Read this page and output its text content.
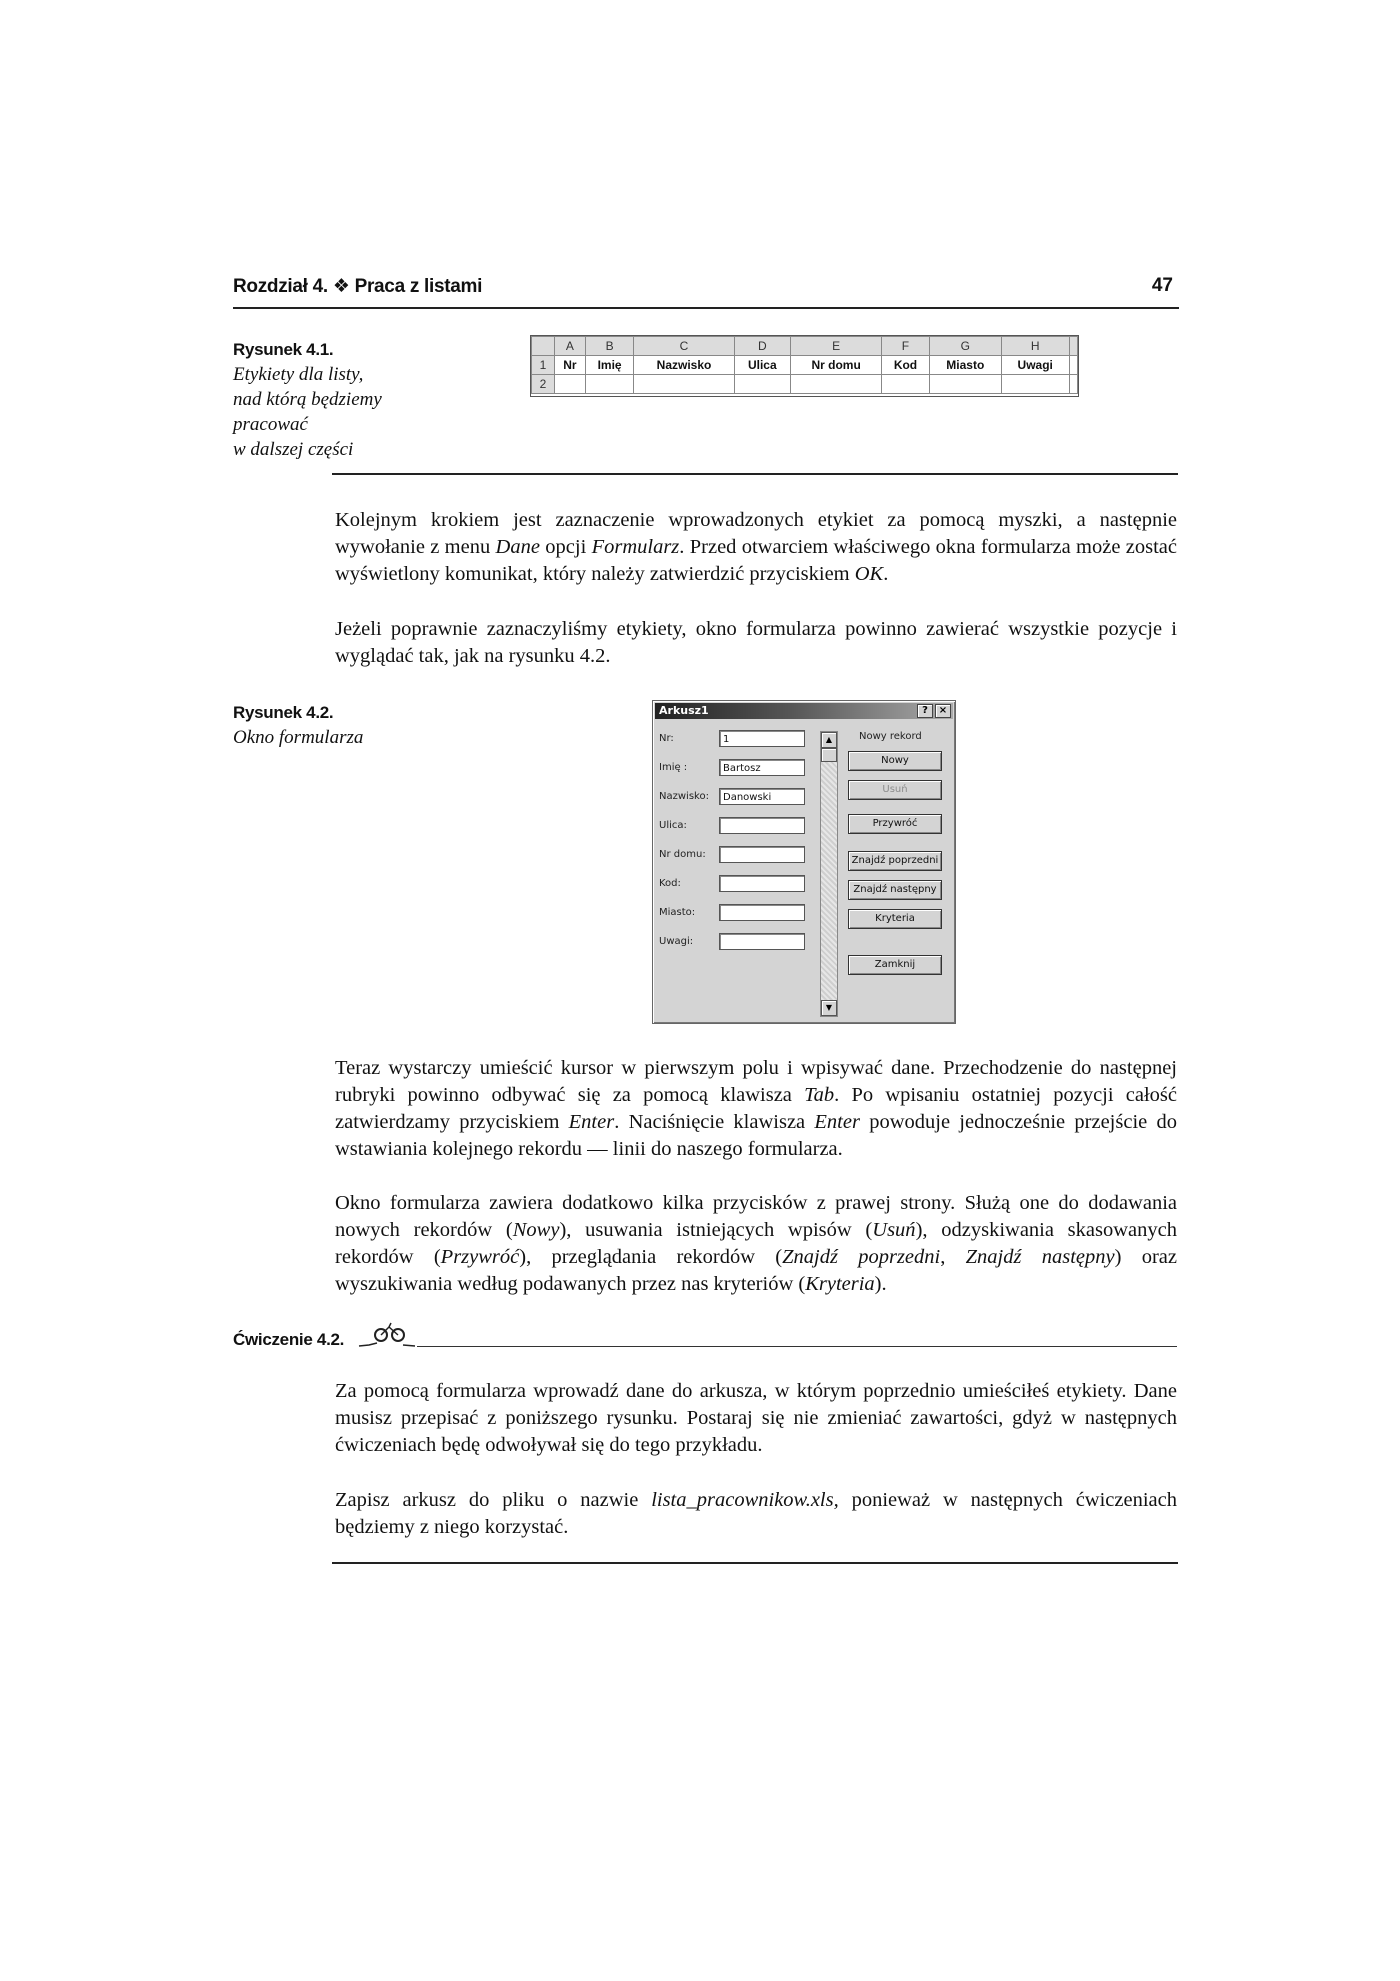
Rozdział 4. ❖ Praca z listami	47
Rysunek 4.1.
Etykiety dla listy,
nad którą będziemy
pracować
w dalszej części
	A	B	C	D	E	F	G	H	
1	Nr	Imię	Nazwisko	Ulica	Nr domu	Kod	Miasto	Uwagi	
2									
Kolejnym krokiem jest zaznaczenie wprowadzonych etykiet za pomocą myszki, a następnie wywołanie z menu Dane opcji Formularz. Przed otwarciem właściwego okna formularza może zostać wyświetlony komunikat, który należy zatwierdzić przyciskiem OK.
Jeżeli poprawnie zaznaczyliśmy etykiety, okno formularza powinno zawierać wszystkie pozycje i wyglądać tak, jak na rysunku 4.2.
Rysunek 4.2.
Okno formularza
Arkusz1	?	×
Nr:	1
Imię :	Bartosz
Nazwisko:	Danowski
Ulica:
Nr domu:
Kod:
Miasto:
Uwagi:
▲
▼
Nowy rekord
Nowy
Usuń
Przywróć
Znajdź poprzedni
Znajdź następny
Kryteria
Zamknij
Teraz wystarczy umieścić kursor w pierwszym polu i wpisywać dane. Przechodzenie do następnej rubryki powinno odbywać się za pomocą klawisza Tab. Po wpisaniu ostatniej pozycji całość zatwierdzamy przyciskiem Enter. Naciśnięcie klawisza Enter powoduje jednocześnie przejście do wstawiania kolejnego rekordu — linii do naszego formularza.
Okno formularza zawiera dodatkowo kilka przycisków z prawej strony. Służą one do dodawania nowych rekordów (Nowy), usuwania istniejących wpisów (Usuń), odzyskiwania skasowanych rekordów (Przywróć), przeglądania rekordów (Znajdź poprzedni, Znajdź następny) oraz wyszukiwania według podawanych przez nas kryteriów (Kryteria).
Ćwiczenie 4.2.
Za pomocą formularza wprowadź dane do arkusza, w którym poprzednio umieściłeś etykiety. Dane musisz przepisać z poniższego rysunku. Postaraj się nie zmieniać zawartości, gdyż w następnych ćwiczeniach będę odwoływał się do tego przykładu.
Zapisz arkusz do pliku o nazwie lista_pracownikow.xls, ponieważ w następnych ćwiczeniach będziemy z niego korzystać.
